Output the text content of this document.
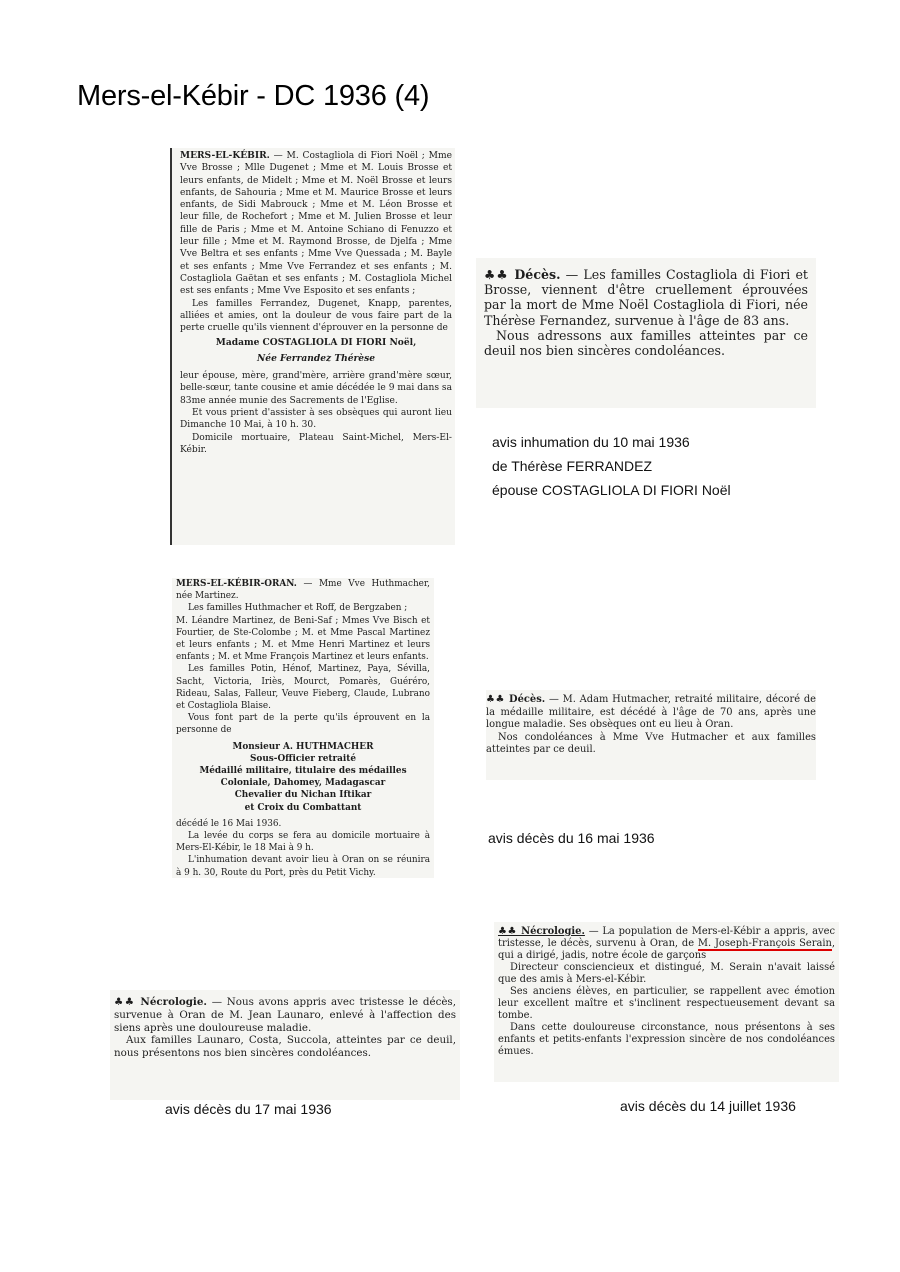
Mers-el-Kébir - DC 1936 (4)

MERS-EL-KÉBIR. — M. Costagliola di Fiori Noël ; Mme Vve Brosse ; Mlle Dugenet ; Mme et M. Louis Brosse et leurs enfants, de Midelt ; Mme et M. Noël Brosse et leurs enfants, de Sahouria ; Mme et M. Maurice Brosse et leurs enfants, de Sidi Mabrouck ; Mme et M. Léon Brosse et leur fille, de Rochefort ; Mme et M. Julien Brosse et leur fille de Paris ; Mme et M. Antoine Schiano di Fenuzzo et leur fille ; Mme et M. Raymond Brosse, de Djelfa ; Mme Vve Beltra et ses enfants ; Mme Vve Quessada ; M. Bayle et ses enfants ; Mme Vve Ferrandez et ses enfants ; M. Costagliola Gaëtan et ses enfants ; M. Costagliola Michel est ses enfants ; Mme Vve Esposito et ses enfants ;

Les familles Ferrandez, Dugenet, Knapp, parentes, alliées et amies, ont la douleur de vous faire part de la perte cruelle qu'ils viennent d'éprouver en la personne de

Madame COSTAGLIOLA DI FIORI Noël,

Née Ferrandez Thérèse

leur épouse, mère, grand'mère, arrière grand'mère sœur, belle-sœur, tante cousine et amie décédée le 9 mai dans sa 83me année munie des Sacrements de l'Eglise.

Et vous prient d'assister à ses obsèques qui auront lieu Dimanche 10 Mai, à 10 h. 30.

Domicile mortuaire, Plateau Saint-Michel, Mers-El-Kébir.

♣♣ Décès. — Les familles Costagliola di Fiori et Brosse, viennent d'être cruellement éprouvées par la mort de Mme Noël Costagliola di Fiori, née Thérèse Fernandez, survenue à l'âge de 83 ans.

Nous adressons aux familles atteintes par ce deuil nos bien sincères condoléances.

avis inhumation du 10 mai 1936
de Thérèse FERRANDEZ
épouse COSTAGLIOLA DI FIORI Noël

MERS-EL-KÉBIR-ORAN. — Mme Vve Huthmacher, née Martinez.

Les familles Huthmacher et Roff, de Bergzaben ;

M. Léandre Martinez, de Beni-Saf ; Mmes Vve Bisch et Fourtier, de Ste-Colombe ; M. et Mme Pascal Martinez et leurs enfants ; M. et Mme Henri Martinez et leurs enfants ; M. et Mme François Martinez et leurs enfants.

Les familles Potin, Hénof, Martinez, Paya, Sévilla, Sacht, Victoria, Iriès, Mourct, Pomarès, Guéréro, Rideau, Salas, Falleur, Veuve Fieberg, Claude, Lubrano et Costagliola Blaise.

Vous font part de la perte qu'ils éprouvent en la personne de

Monsieur A. HUTHMACHER

Sous-Officier retraité

Médaillé militaire, titulaire des médailles Coloniale, Dahomey, Madagascar

Chevalier du Nichan Iftikar

et Croix du Combattant

décédé le 16 Mai 1936.

La levée du corps se fera au domicile mortuaire à Mers-El-Kébir, le 18 Mai à 9 h.

L'inhumation devant avoir lieu à Oran on se réunira à 9 h. 30, Route du Port, près du Petit Vichy.

♣♣ Décès. — M. Adam Hutmacher, retraité militaire, décoré de la médaille militaire, est décédé à l'âge de 70 ans, après une longue maladie. Ses obsèques ont eu lieu à Oran.

Nos condoléances à Mme Vve Hutmacher et aux familles atteintes par ce deuil.

avis décès du 16 mai 1936

♣♣ Nécrologie. — La population de Mers-el-Kébir a appris, avec tristesse, le décès, survenu à Oran, de M. Joseph-François Serain, qui a dirigé, jadis, notre école de garçons

Directeur consciencieux et distingué, M. Serain n'avait laissé que des amis à Mers-el-Kébir.

Ses anciens élèves, en particulier, se rappellent avec émotion leur excellent maître et s'inclinent respectueusement devant sa tombe.

Dans cette douloureuse circonstance, nous présentons à ses enfants et petits-enfants l'expression sincère de nos condoléances émues.

♣♣ Nécrologie. — Nous avons appris avec tristesse le décès, survenue à Oran de M. Jean Launaro, enlevé à l'affection des siens après une douloureuse maladie.

Aux familles Launaro, Costa, Succola, atteintes par ce deuil, nous présentons nos bien sincères condoléances.

avis décès du 17 mai 1936	avis décès du 14 juillet 1936
